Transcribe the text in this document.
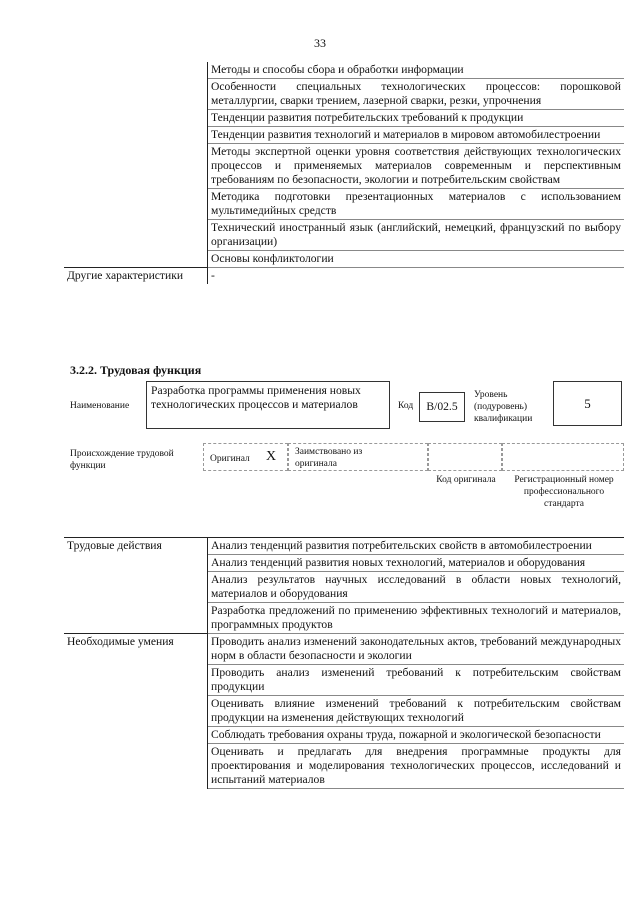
33
	Методы и способы сбора и обработки информации
	Особенности специальных технологических процессов: порошковой металлургии, сварки трением, лазерной сварки, резки, упрочнения
	Тенденции развития потребительских требований к продукции
	Тенденции развития технологий и материалов в мировом автомобилестроении
	Методы экспертной оценки уровня соответствия действующих технологических процессов и применяемых материалов современным и перспективным требованиям по безопасности, экологии и потребительским свойствам
	Методика подготовки презентационных материалов с использованием мультимедийных средств
	Технический иностранный язык (английский, немецкий, французский по выбору организации)
	Основы конфликтологии
Другие характеристики	-
3.2.2. Трудовая функция
Наименование
Разработка программы применения новых технологических процессов и материалов	Код	B/02.5
Уровень (подуровень) квалификации
5
Происхождение трудовой функции
Оригинал X Заимствовано из оригинала
Код оригинала	Регистрационный номер профессионального стандарта
Трудовые действия	Анализ тенденций развития потребительских свойств в автомобилестроении
	Анализ тенденций развития новых технологий, материалов и оборудования
	Анализ результатов научных исследований в области новых технологий, материалов и оборудования
	Разработка предложений по применению эффективных технологий и материалов, программных продуктов
Необходимые умения	Проводить анализ изменений законодательных актов, требований международных норм в области безопасности и экологии
	Проводить анализ изменений требований к потребительским свойствам продукции
	Оценивать влияние изменений требований к потребительским свойствам продукции на изменения действующих технологий
	Соблюдать требования охраны труда, пожарной и экологической безопасности
	Оценивать и предлагать для внедрения программные продукты для проектирования и моделирования технологических процессов, исследований и испытаний материалов
